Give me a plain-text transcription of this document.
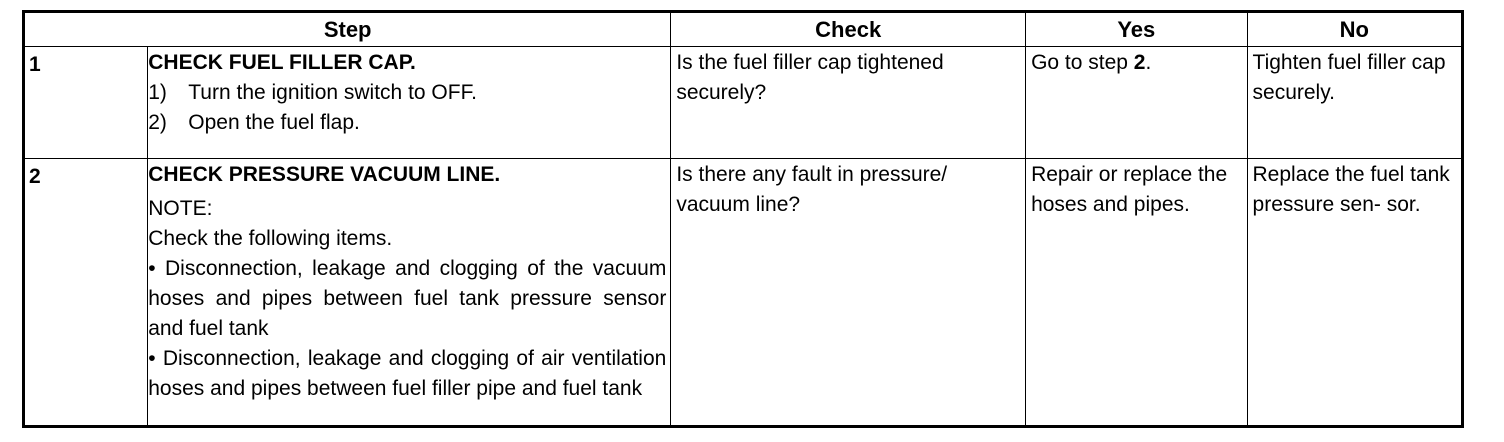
Step		Check	Yes	No
1	CHECK FUEL FILLER CAP.
1) Turn the ignition switch to OFF.
2) Open the fuel flap.	Is the fuel filler cap tightened securely?	Go to step 2.	Tighten fuel filler cap securely.
2	CHECK PRESSURE VACUUM LINE.
NOTE:
Check the following items.
• Disconnection, leakage and clogging of the vacuum hoses and pipes between fuel tank pressure sensor and fuel tank
• Disconnection, leakage and clogging of air ventilation hoses and pipes between fuel filler pipe and fuel tank	Is there any fault in pressure/ vacuum line?	Repair or replace the hoses and pipes.	Replace the fuel tank pressure sen- sor.
